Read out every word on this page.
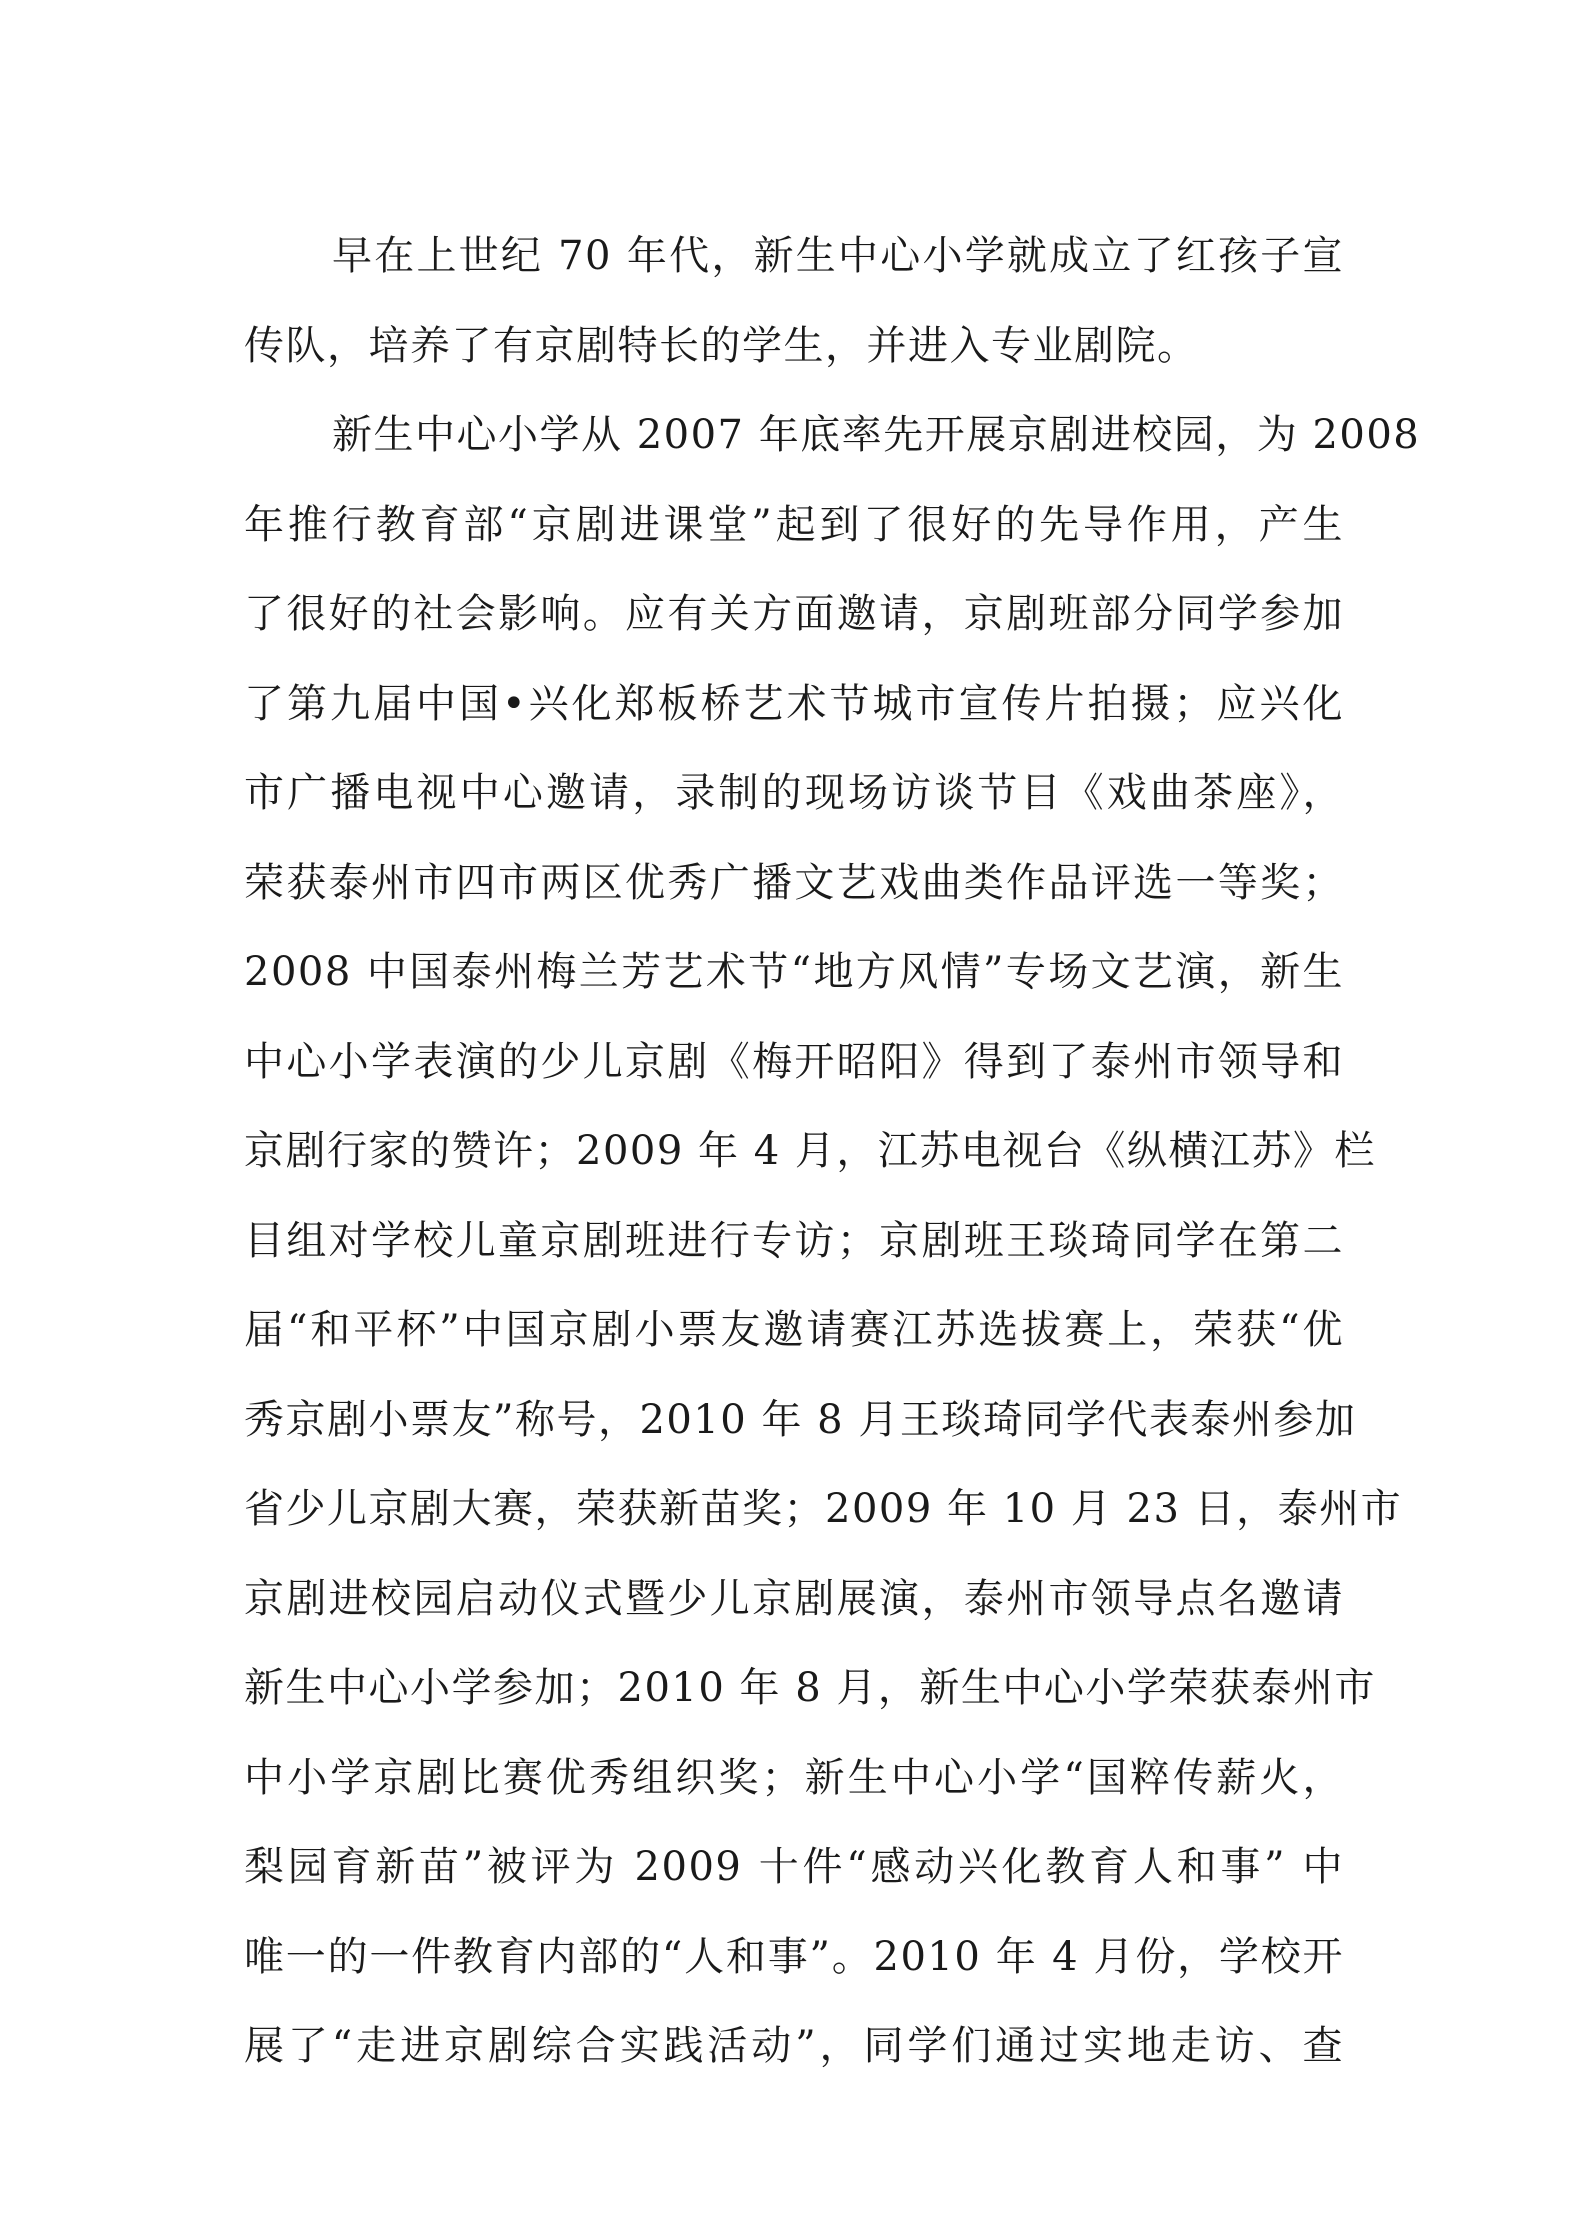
早在上世纪 70 年代，新生中心小学就成立了红孩子宣
传队，培养了有京剧特长的学生，并进入专业剧院。
新生中心小学从 2007 年底率先开展京剧进校园，为 2008
年推行教育部“京剧进课堂”起到了很好的先导作用，产生
了很好的社会影响。应有关方面邀请，京剧班部分同学参加
了第九届中国•兴化郑板桥艺术节城市宣传片拍摄；应兴化
市广播电视中心邀请，录制的现场访谈节目《戏曲茶座》，
荣获泰州市四市两区优秀广播文艺戏曲类作品评选一等奖；
2008 中国泰州梅兰芳艺术节“地方风情”专场文艺演，新生
中心小学表演的少儿京剧《梅开昭阳》得到了泰州市领导和
京剧行家的赞许；2009 年 4 月，江苏电视台《纵横江苏》栏
目组对学校儿童京剧班进行专访；京剧班王琰琦同学在第二
届“和平杯”中国京剧小票友邀请赛江苏选拔赛上，荣获“优
秀京剧小票友”称号，2010 年 8 月王琰琦同学代表泰州参加
省少儿京剧大赛，荣获新苗奖；2009 年 10 月 23 日，泰州市
京剧进校园启动仪式暨少儿京剧展演，泰州市领导点名邀请
新生中心小学参加；2010 年 8 月，新生中心小学荣获泰州市
中小学京剧比赛优秀组织奖；新生中心小学“国粹传薪火，
梨园育新苗”被评为 2009 十件“感动兴化教育人和事” 中
唯一的一件教育内部的“人和事”。2010 年 4 月份，学校开
展了“走进京剧综合实践活动”，同学们通过实地走访、查
